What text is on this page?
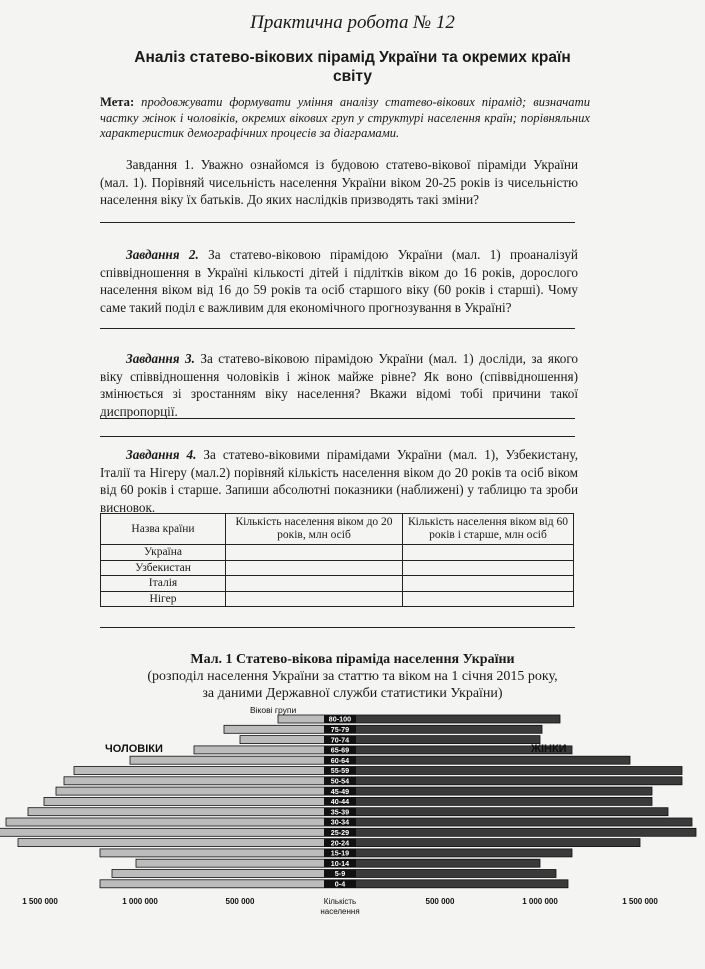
Практична робота № 12
Аналіз статево-вікових пірамід України та окремих країн світу
Мета: продовжувати формувати уміння аналізу статево-вікових пірамід; визначати частку жінок і чоловіків, окремих вікових груп у структурі населення країн; порівняльних характеристик демографічних процесів за діаграмами.
Завдання 1. Уважно ознайомся із будовою статево-вікової піраміди України (мал. 1). Порівняй чисельність населення України віком 20-25 років із чисельністю населення віку їх батьків. До яких наслідків призводять такі зміни?
Завдання 2. За статево-віковою пірамідою України (мал. 1) проаналізуй співвідношення в Україні кількості дітей і підлітків віком до 16 років, дорослого населення віком від 16 до 59 років та осіб старшого віку (60 років і старші). Чому саме такий поділ є важливим для економічного прогнозування в Україні?
Завдання 3. За статево-віковою пірамідою України (мал. 1) досліди, за якого віку співвідношення чоловіків і жінок майже рівне? Як воно (співвідношення) змінюється зі зростанням віку населення? Вкажи відомі тобі причини такої диспропорції.
Завдання 4. За статево-віковими пірамідами України (мал. 1), Узбекистану, Італії та Нігеру (мал.2) порівняй кількість населення віком до 20 років та осіб віком від 60 років і старше. Запиши абсолютні показники (наближені) у таблицю та зроби висновок.
Назва країни	Кількість населення віком до 20 років, млн осіб	Кількість населення віком від 60 років і старше, млн осіб
Україна		
Узбекистан		
Італія		
Нігер		
Мал. 1 Статево-вікова піраміда населення України
(розподіл населення України за статтю та віком на 1 січня 2015 року,
за даними Державної служби статистики України)
Вікові групи
80-100
75-79
70-74
65-69
60-64
55-59
50-54
45-49
40-44
35-39
30-34
25-29
20-24
15-19
10-14
5-9
0-4
ЧОЛОВІКИ	ЖІНКИ
1 500 000	1 000 000	500 000	500 000	1 000 000	1 500 000
Кількість
населення
